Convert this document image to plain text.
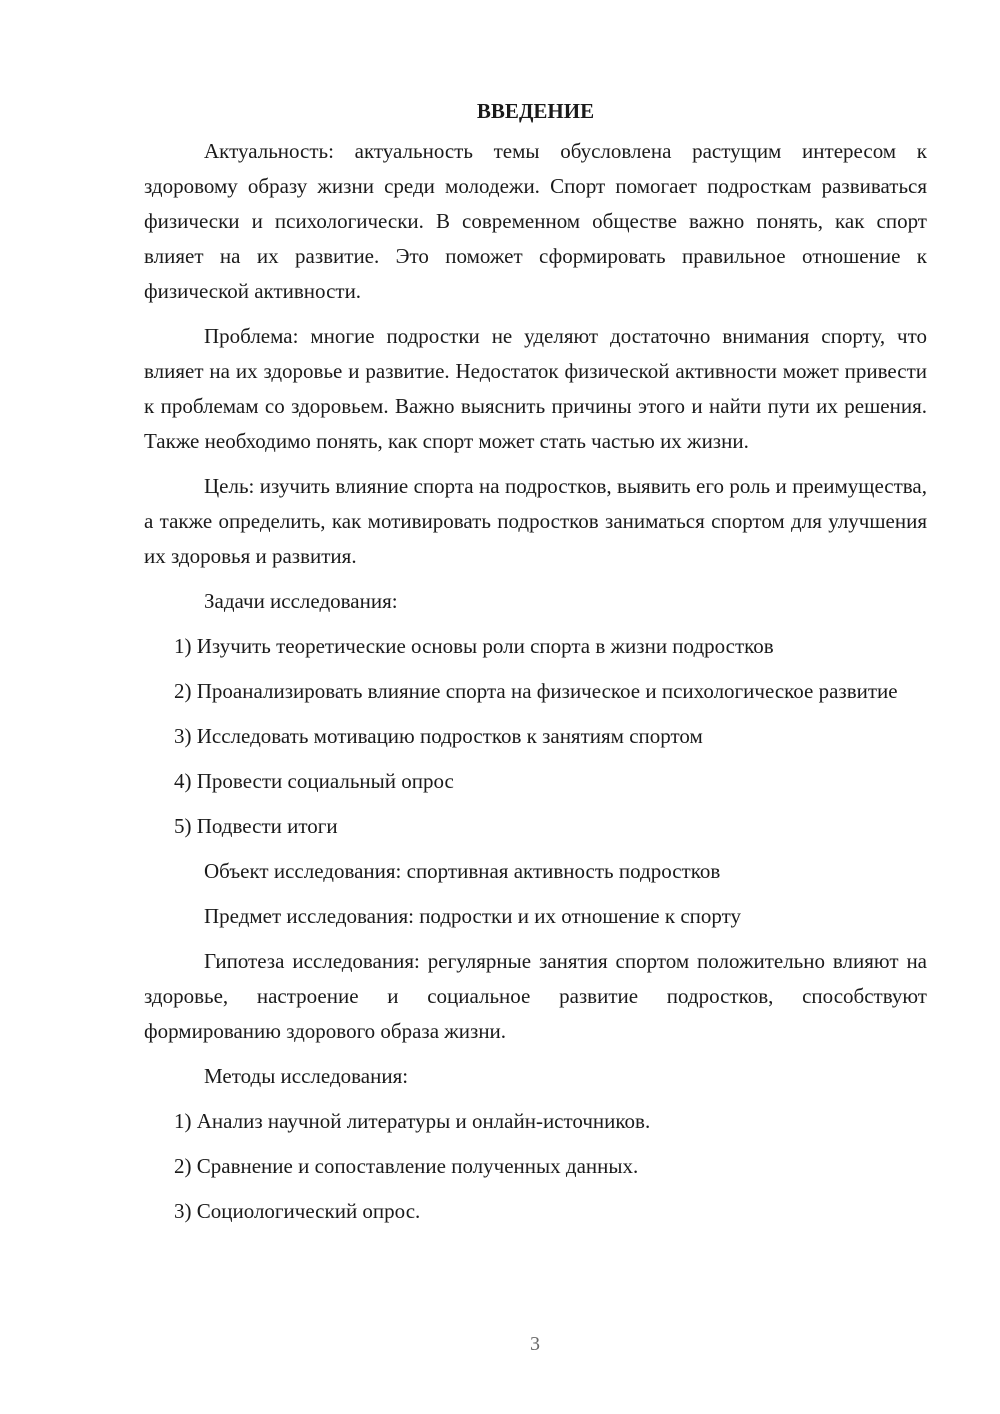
ВВЕДЕНИЕ

Актуальность: актуальность темы обусловлена растущим интересом к здоровому образу жизни среди молодежи. Спорт помогает подросткам развиваться физически и психологически. В современном обществе важно понять, как спорт влияет на их развитие. Это поможет сформировать правильное отношение к физической активности.

Проблема: многие подростки не уделяют достаточно внимания спорту, что влияет на их здоровье и развитие. Недостаток физической активности может привести к проблемам со здоровьем. Важно выяснить причины этого и найти пути их решения. Также необходимо понять, как спорт может стать частью их жизни.

Цель: изучить влияние спорта на подростков, выявить его роль и преимущества, а также определить, как мотивировать подростков заниматься спортом для улучшения их здоровья и развития.

Задачи исследования:

1) Изучить теоретические основы роли спорта в жизни подростков

2) Проанализировать влияние спорта на физическое и психологическое развитие

3) Исследовать мотивацию подростков к занятиям спортом

4) Провести социальный опрос

5) Подвести итоги

Объект исследования: спортивная активность подростков

Предмет исследования: подростки и их отношение к спорту

Гипотеза исследования: регулярные занятия спортом положительно влияют на здоровье, настроение и социальное развитие подростков, способствуют формированию здорового образа жизни.

Методы исследования:

1) Анализ научной литературы и онлайн-источников.

2) Сравнение и сопоставление полученных данных.

3) Социологический опрос.

3
